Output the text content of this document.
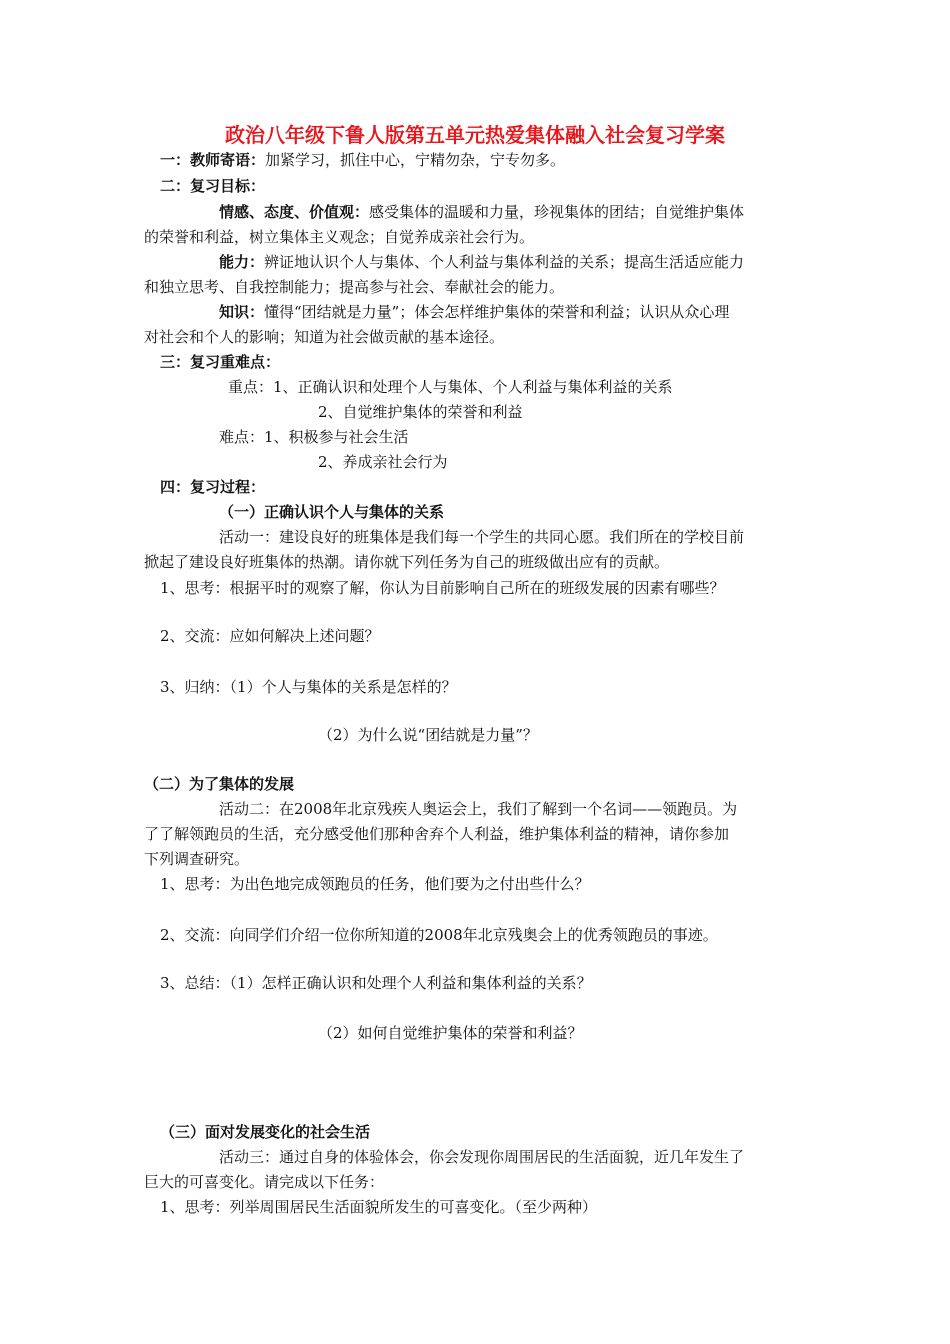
政治八年级下鲁人版第五单元热爱集体融入社会复习学案
一：教师寄语：加紧学习，抓住中心，宁精勿杂，宁专勿多。
二：复习目标：
情感、态度、价值观：感受集体的温暖和力量，珍视集体的团结；自觉维护集体
的荣誉和利益，树立集体主义观念；自觉养成亲社会行为。
能力：辨证地认识个人与集体、个人利益与集体利益的关系；提高生活适应能力
和独立思考、自我控制能力；提高参与社会、奉献社会的能力。
知识：懂得“团结就是力量”；体会怎样维护集体的荣誉和利益；认识从众心理
对社会和个人的影响；知道为社会做贡献的基本途径。
三：复习重难点：
重点：1、正确认识和处理个人与集体、个人利益与集体利益的关系
2、自觉维护集体的荣誉和利益
难点：1、积极参与社会生活
2、养成亲社会行为
四：复习过程：
（一）正确认识个人与集体的关系
活动一：建设良好的班集体是我们每一个学生的共同心愿。我们所在的学校目前
掀起了建设良好班集体的热潮。请你就下列任务为自己的班级做出应有的贡献。
1、思考：根据平时的观察了解，你认为目前影响自己所在的班级发展的因素有哪些？
2、交流：应如何解决上述问题？
3、归纳：（1）个人与集体的关系是怎样的？
（2）为什么说“团结就是力量”？
（二）为了集体的发展
活动二：在2008年北京残疾人奥运会上，我们了解到一个名词——领跑员。为
了了解领跑员的生活，充分感受他们那种舍弃个人利益，维护集体利益的精神，请你参加
下列调查研究。
1、思考：为出色地完成领跑员的任务，他们要为之付出些什么？
2、交流：向同学们介绍一位你所知道的2008年北京残奥会上的优秀领跑员的事迹。
3、总结：（1）怎样正确认识和处理个人利益和集体利益的关系？
（2）如何自觉维护集体的荣誉和利益？
（三）面对发展变化的社会生活
活动三：通过自身的体验体会，你会发现你周围居民的生活面貌，近几年发生了
巨大的可喜变化。请完成以下任务：
1、思考：列举周围居民生活面貌所发生的可喜变化。（至少两种）
